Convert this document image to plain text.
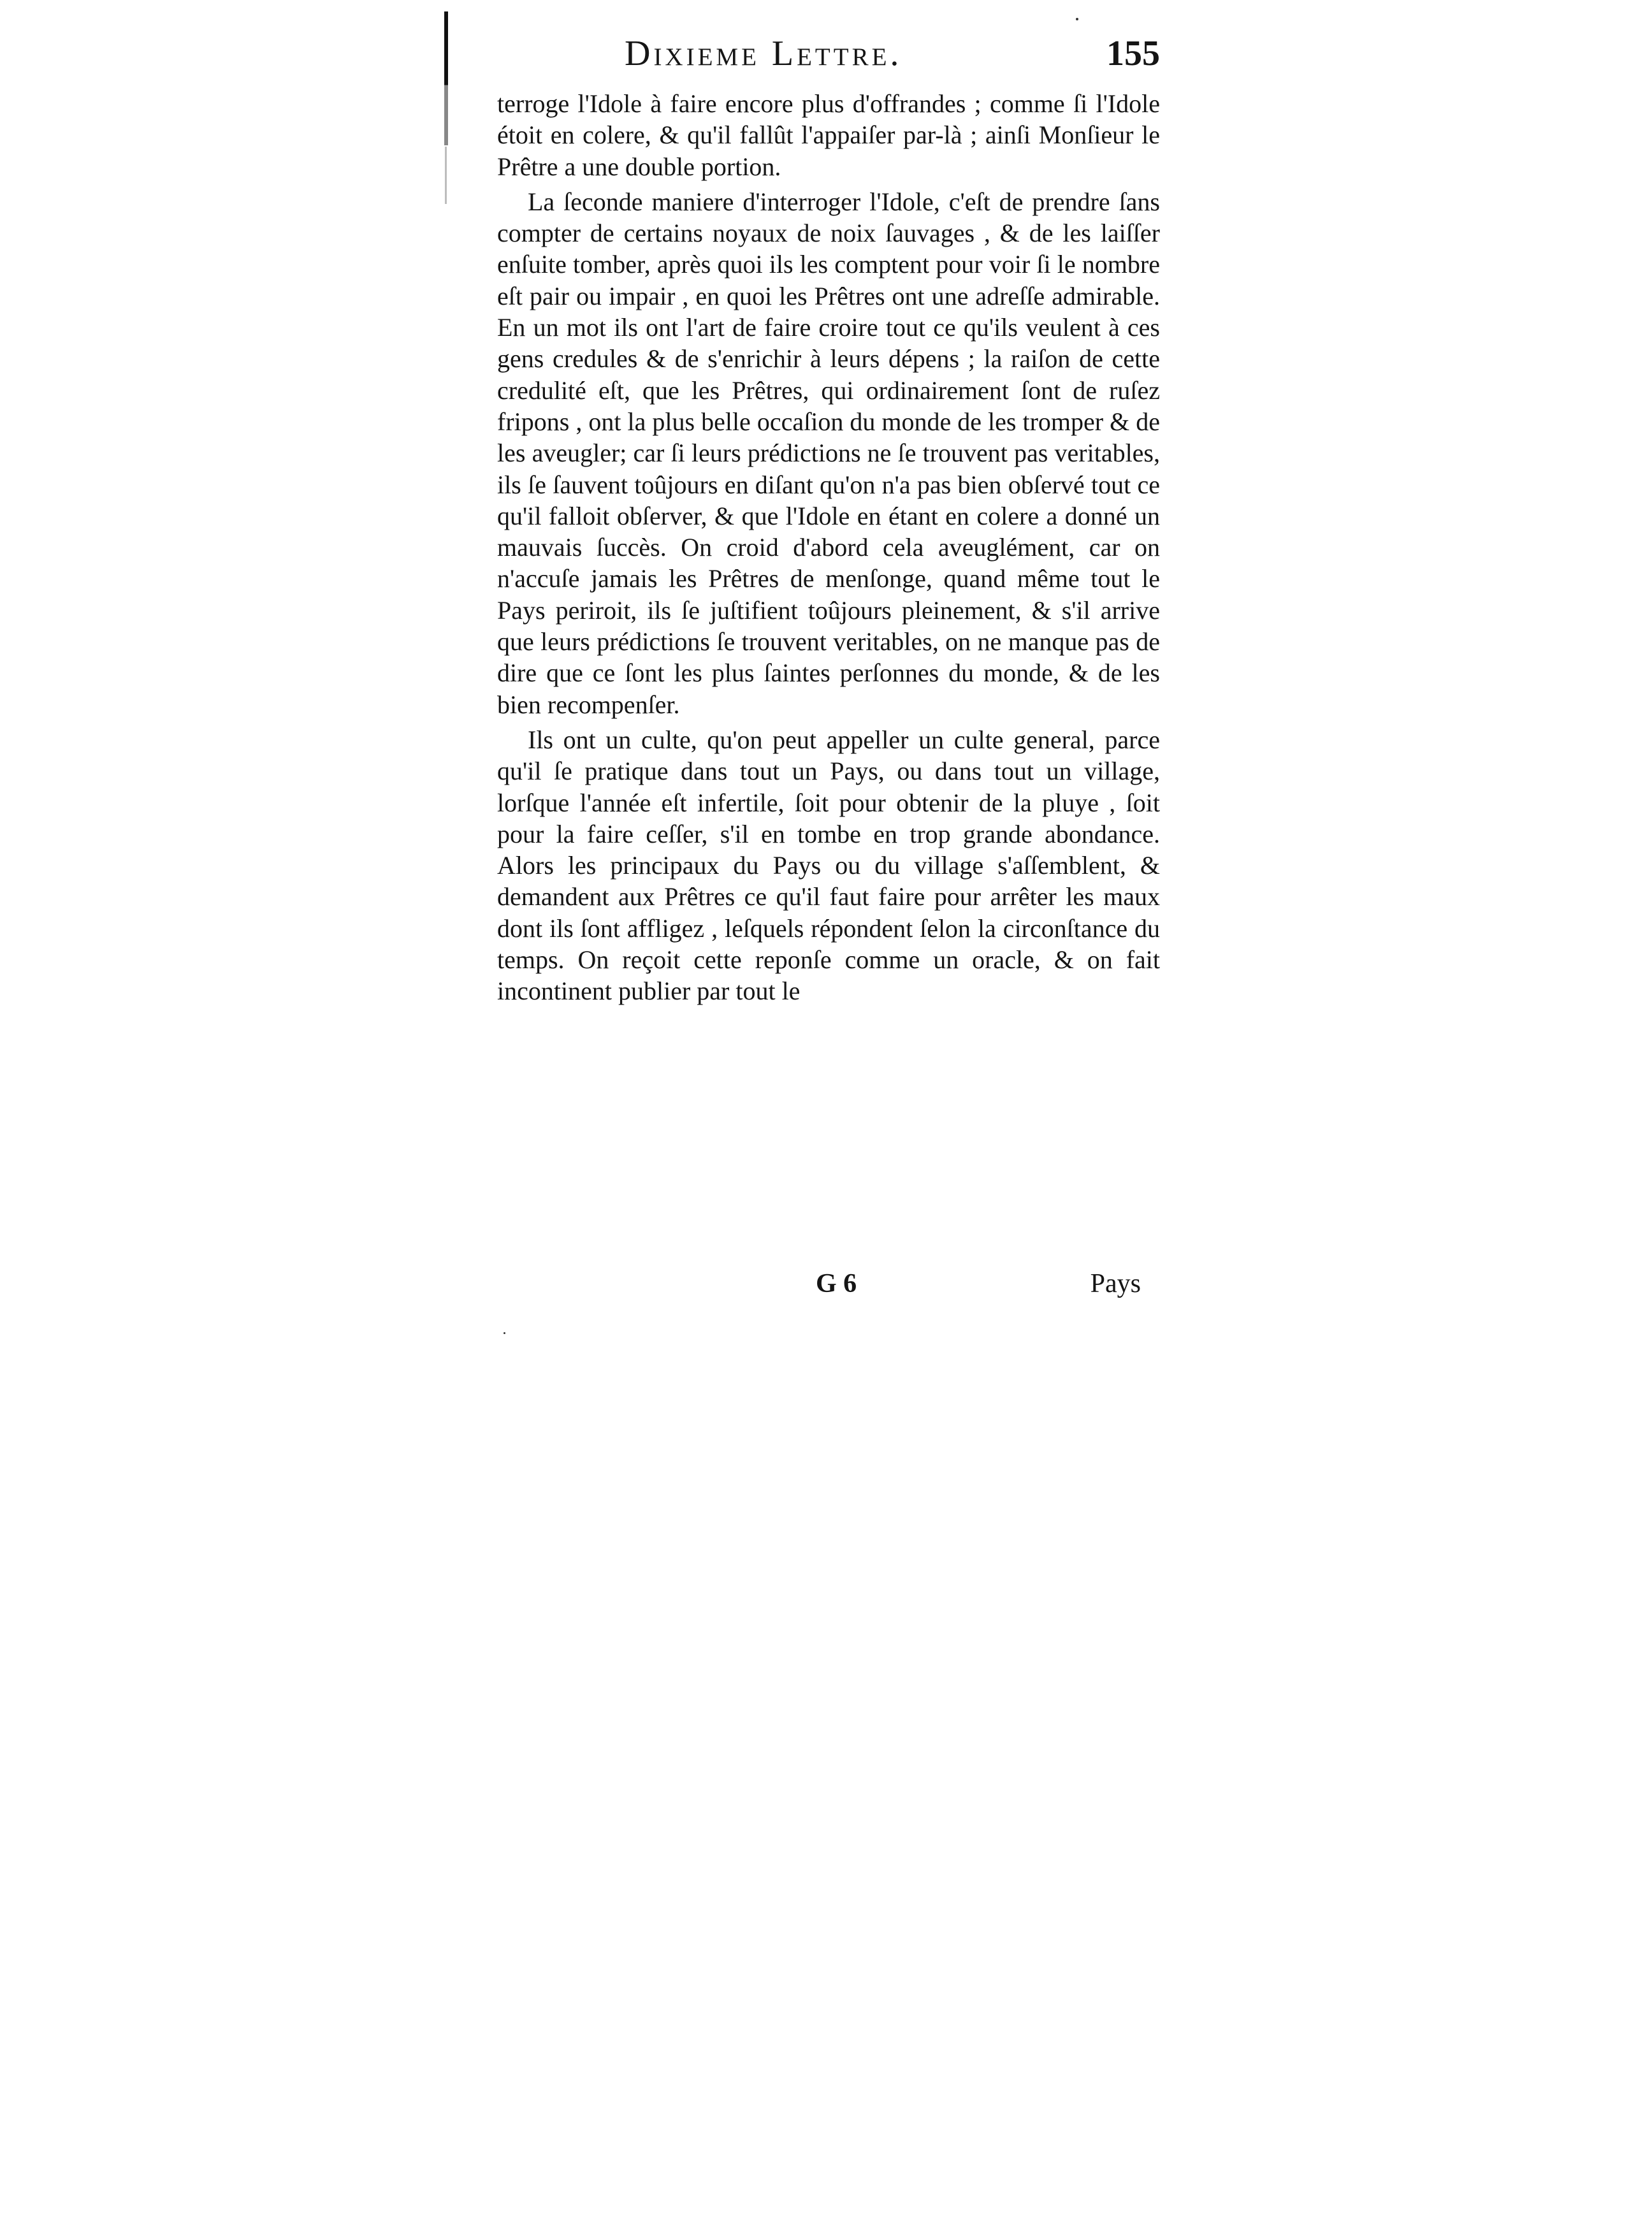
Dixieme Lettre.	155

terroge l'Idole à faire encore plus d'offrandes ; comme ſi l'Idole étoit en colere, & qu'il fallût l'appaiſer par-là ; ainſi Monſieur le Prêtre a une double portion.

La ſeconde maniere d'interroger l'Idole, c'eſt de prendre ſans compter de certains noyaux de noix ſauvages , & de les laiſſer enſuite tomber, après quoi ils les comptent pour voir ſi le nombre eſt pair ou impair , en quoi les Prêtres ont une adreſſe admirable. En un mot ils ont l'art de faire croire tout ce qu'ils veulent à ces gens credules & de s'enrichir à leurs dépens ; la raiſon de cette credulité eſt, que les Prêtres, qui ordinairement ſont de ruſez fripons , ont la plus belle occaſion du monde de les tromper & de les aveugler; car ſi leurs prédictions ne ſe trouvent pas veritables, ils ſe ſauvent toûjours en diſant qu'on n'a pas bien obſervé tout ce qu'il falloit obſerver, & que l'Idole en étant en colere a donné un mauvais ſuccès. On croid d'abord cela aveuglément, car on n'accuſe jamais les Prêtres de menſonge, quand même tout le Pays periroit, ils ſe juſtifient toûjours pleinement, & s'il arrive que leurs prédictions ſe trouvent veritables, on ne manque pas de dire que ce ſont les plus ſaintes perſonnes du monde, & de les bien recompenſer.

Ils ont un culte, qu'on peut appeller un culte general, parce qu'il ſe pratique dans tout un Pays, ou dans tout un village, lorſque l'année eſt infertile, ſoit pour obtenir de la pluye , ſoit pour la faire ceſſer, s'il en tombe en trop grande abondance. Alors les principaux du Pays ou du village s'aſſemblent, & demandent aux Prêtres ce qu'il faut faire pour arrêter les maux dont ils ſont affligez , leſquels répondent ſelon la circonſtance du temps. On reçoit cette reponſe comme un oracle, & on fait incontinent publier par tout le

G 6	Pays
